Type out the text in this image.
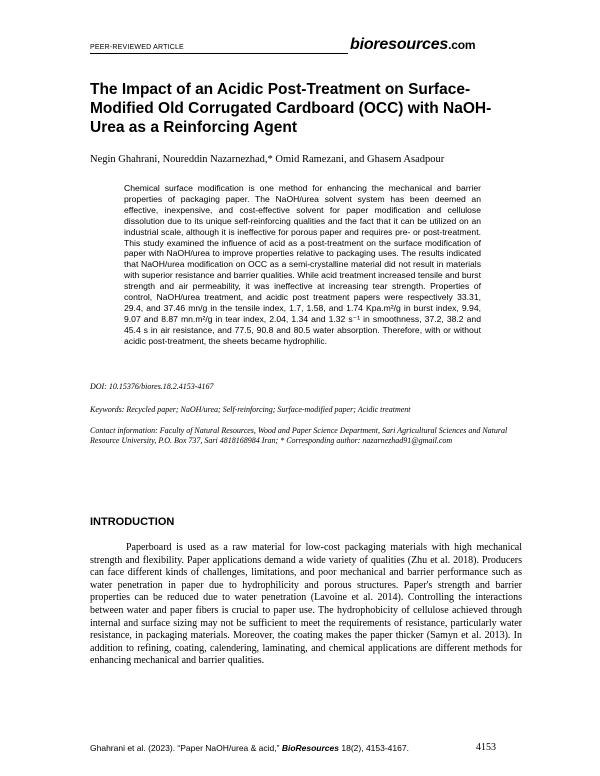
PEER-REVIEWED ARTICLE	bioresources.com
The Impact of an Acidic Post-Treatment on Surface-Modified Old Corrugated Cardboard (OCC) with NaOH-Urea as a Reinforcing Agent
Negin Ghahrani, Noureddin Nazarnezhad,* Omid Ramezani, and Ghasem Asadpour
Chemical surface modification is one method for enhancing the mechanical and barrier properties of packaging paper. The NaOH/urea solvent system has been deemed an effective, inexpensive, and cost-effective solvent for paper modification and cellulose dissolution due to its unique self-reinforcing qualities and the fact that it can be utilized on an industrial scale, although it is ineffective for porous paper and requires pre- or post-treatment. This study examined the influence of acid as a post-treatment on the surface modification of paper with NaOH/urea to improve properties relative to packaging uses. The results indicated that NaOH/urea modification on OCC as a semi-crystalline material did not result in materials with superior resistance and barrier qualities. While acid treatment increased tensile and burst strength and air permeability, it was ineffective at increasing tear strength. Properties of control, NaOH/urea treatment, and acidic post treatment papers were respectively 33.31, 29.4, and 37.46 mn/g in the tensile index, 1.7, 1.58, and 1.74 Kpa.m²/g in burst index, 9.94, 9.07 and 8.87 mn.m²/g in tear index, 2.04, 1.34 and 1.32 s⁻¹ in smoothness, 37.2, 38.2 and 45.4 s in air resistance, and 77.5, 90.8 and 80.5 water absorption. Therefore, with or without acidic post-treatment, the sheets became hydrophilic.
DOI: 10.15376/biores.18.2.4153-4167
Keywords: Recycled paper; NaOH/urea; Self-reinforcing; Surface-modified paper; Acidic treatment
Contact information: Faculty of Natural Resources, Wood and Paper Science Department, Sari Agricultural Sciences and Natural Resource University, P.O. Box 737, Sari 4818168984 Iran; * Corresponding author: nazarnezhad91@gmail.com
INTRODUCTION
Paperboard is used as a raw material for low-cost packaging materials with high mechanical strength and flexibility. Paper applications demand a wide variety of qualities (Zhu et al. 2018). Producers can face different kinds of challenges, limitations, and poor mechanical and barrier performance such as water penetration in paper due to hydrophilicity and porous structures. Paper's strength and barrier properties can be reduced due to water penetration (Lavoine et al. 2014). Controlling the interactions between water and paper fibers is crucial to paper use. The hydrophobicity of cellulose achieved through internal and surface sizing may not be sufficient to meet the requirements of resistance, particularly water resistance, in packaging materials. Moreover, the coating makes the paper thicker (Samyn et al. 2013). In addition to refining, coating, calendering, laminating, and chemical applications are different methods for enhancing mechanical and barrier qualities.
Ghahrani et al. (2023). “Paper NaOH/urea & acid,” BioResources 18(2), 4153-4167.	4153
